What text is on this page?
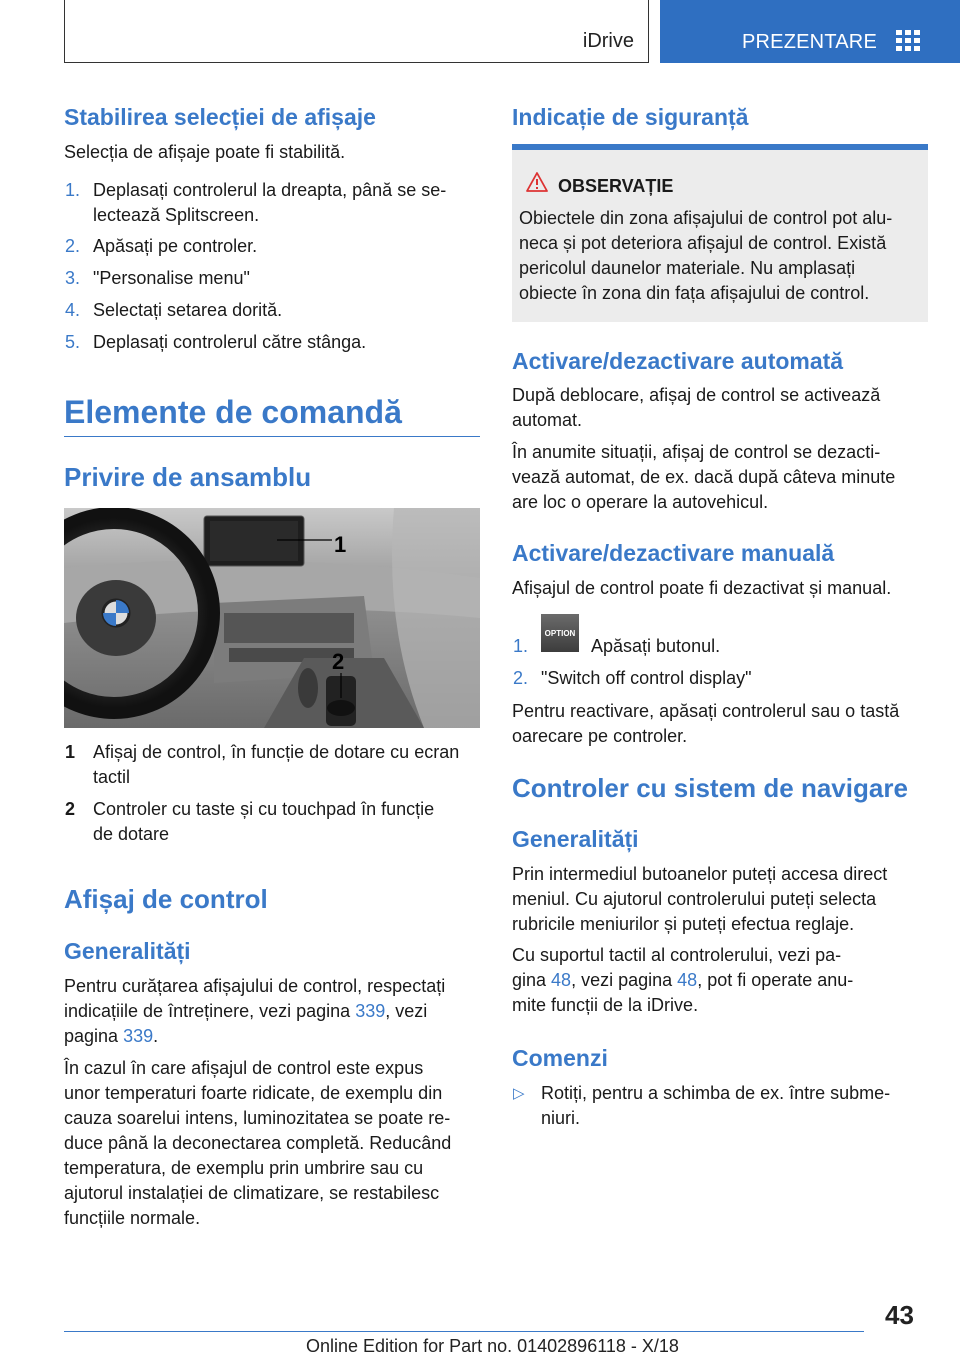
iDrive	PREZENTARE
Stabilirea selecției de afișaje
Selecția de afișaje poate fi stabilită.
1. Deplasați controlerul la dreapta, până se se‐
lectează Splitscreen.
2. Apăsați pe controler.
3. "Personalise menu"
4. Selectați setarea dorită.
5. Deplasați controlerul către stânga.
Elemente de comandă
Privire de ansamblu
1
2
1 Afișaj de control, în funcție de dotare cu ecran
tactil
2 Controler cu taste și cu touchpad în funcție
de dotare
Afișaj de control
Generalități
Pentru curățarea afișajului de control, respectați
indicațiile de întreținere, vezi pagina 339, vezi
pagina 339.
În cazul în care afișajul de control este expus
unor temperaturi foarte ridicate, de exemplu din
cauza soarelui intens, luminozitatea se poate re‐
duce până la deconectarea completă. Reducând
temperatura, de exemplu prin umbrire sau cu
ajutorul instalației de climatizare, se restabilesc
funcțiile normale.
Indicație de siguranță
OBSERVAȚIE
Obiectele din zona afișajului de control pot alu‐
neca și pot deteriora afișajul de control. Există
pericolul daunelor materiale. Nu amplasați
obiecte în zona din fața afișajului de control.
Activare/dezactivare automată
După deblocare, afișaj de control se activează
automat.
În anumite situații, afișaj de control se dezacti‐
vează automat, de ex. dacă după câteva minute
are loc o operare la autovehicul.
Activare/dezactivare manuală
Afișajul de control poate fi dezactivat și manual.
1.	Apăsați butonul.
OPTION
2. "Switch off control display"
Pentru reactivare, apăsați controlerul sau o tastă
oarecare pe controler.
Controler cu sistem de navigare
Generalități
Prin intermediul butoanelor puteți accesa direct
meniul. Cu ajutorul controlerului puteți selecta
rubricile meniurilor și puteți efectua reglaje.
Cu suportul tactil al controlerului, vezi pa‐
gina 48, vezi pagina 48, pot fi operate anu‐
mite funcții de la iDrive.
Comenzi
▷ Rotiți, pentru a schimba de ex. între subme‐
niuri.
43
Online Edition for Part no. 01402896118 - X/18
